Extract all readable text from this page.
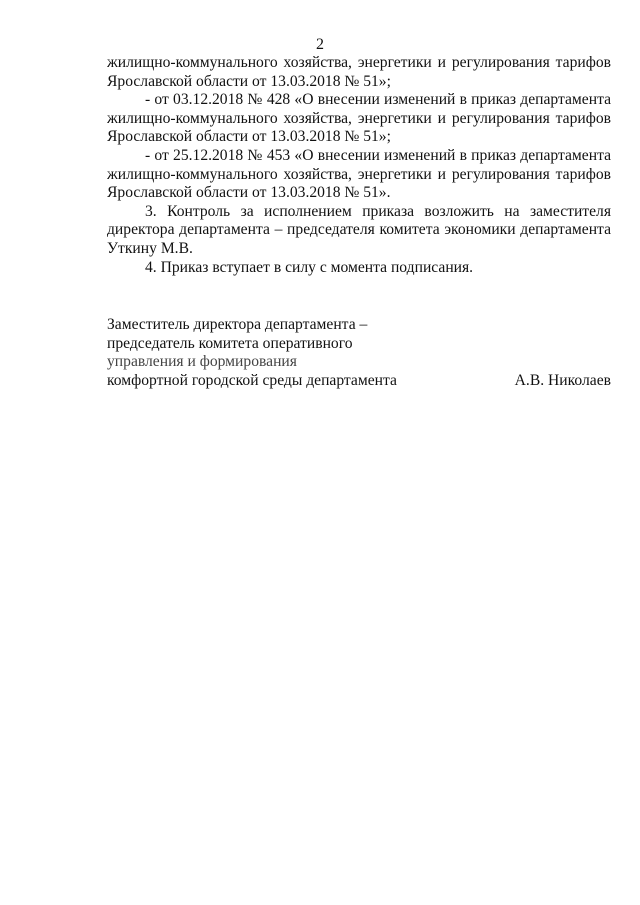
2

жилищно-коммунального хозяйства, энергетики и регулирования тарифов
Ярославской области от 13.03.2018 № 51»;

- от 03.12.2018 № 428 «О внесении изменений в приказ департамента
жилищно-коммунального хозяйства, энергетики и регулирования тарифов
Ярославской области от 13.03.2018 № 51»;

- от 25.12.2018 № 453 «О внесении изменений в приказ департамента
жилищно-коммунального хозяйства, энергетики и регулирования тарифов
Ярославской области от 13.03.2018 № 51».

3. Контроль за исполнением приказа возложить на заместителя
директора департамента – председателя комитета экономики департамента
Уткину М.В.

4. Приказ вступает в силу с момента подписания.

Заместитель директора департамента –
председатель комитета оперативного
управления и формирования
комфортной городской среды департамента	А.В. Николаев
